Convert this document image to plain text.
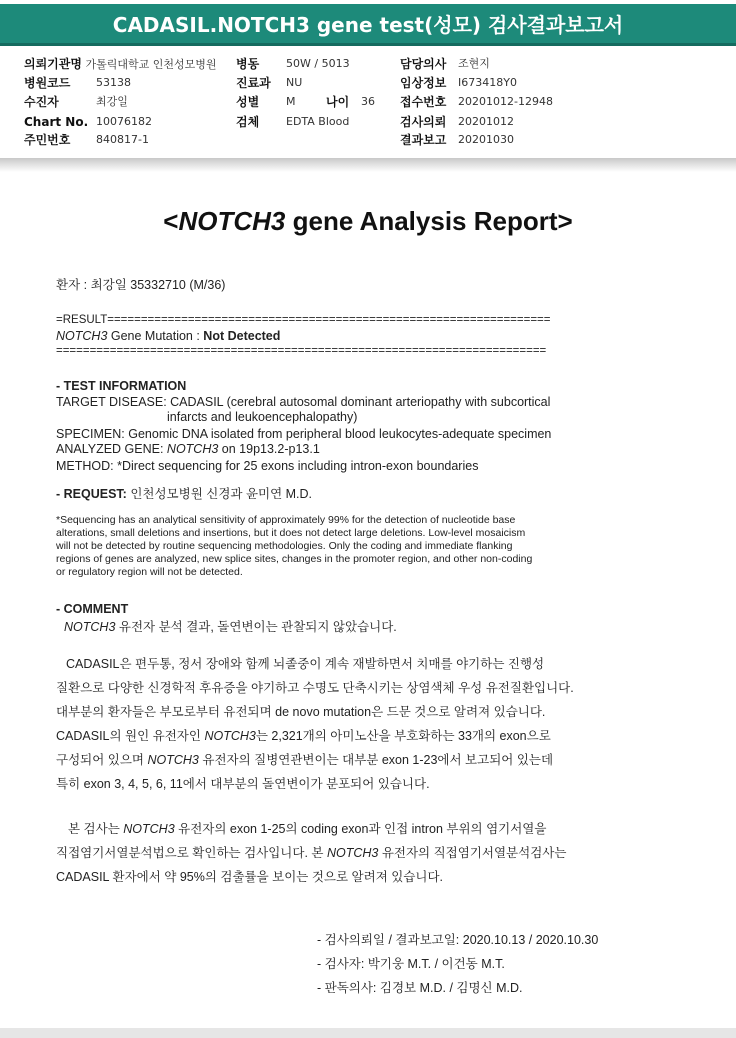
CADASIL.NOTCH3 gene test(성모) 검사결과보고서
의뢰기관명 가톨릭대학교 인천성모병원
병원코드 53138
수진자	최강일
Chart No. 10076182
주민번호 840817-1
병동 50W / 5013
진료과 NU
성별 M	나이 36
검체 EDTA Blood
담당의사 조현지
임상정보 I673418Y0
접수번호 20201012-12948
검사의뢰 20201012
결과보고 20201030
<NOTCH3 gene Analysis Report>
환자 : 최강일 35332710 (M/36)
=RESULT==================================================================
NOTCH3 Gene Mutation : Not Detected
=========================================================================
- TEST INFORMATION
TARGET DISEASE: CADASIL (cerebral autosomal dominant arteriopathy with subcortical
infarcts and leukoencephalopathy)
SPECIMEN: Genomic DNA isolated from peripheral blood leukocytes-adequate specimen
ANALYZED GENE: NOTCH3 on 19p13.2-p13.1
METHOD: *Direct sequencing for 25 exons including intron-exon boundaries
- REQUEST: 인천성모병원 신경과 윤미연 M.D.
*Sequencing has an analytical sensitivity of approximately 99% for the detection of nucleotide base
alterations, small deletions and insertions, but it does not detect large deletions. Low-level mosaicism
will not be detected by routine sequencing methodologies. Only the coding and immediate flanking
regions of genes are analyzed, new splice sites, changes in the promoter region, and other non-coding
or regulatory region will not be detected.
- COMMENT
NOTCH3 유전자 분석 결과, 돌연변이는 관찰되지 않았습니다.
CADASIL은 편두통, 정서 장애와 함께 뇌졸중이 계속 재발하면서 치매를 야기하는 진행성
질환으로 다양한 신경학적 후유증을 야기하고 수명도 단축시키는 상염색체 우성 유전질환입니다.
대부분의 환자들은 부모로부터 유전되며 de novo mutation은 드문 것으로 알려져 있습니다.
CADASIL의 원인 유전자인 NOTCH3는 2,321개의 아미노산을 부호화하는 33개의 exon으로
구성되어 있으며 NOTCH3 유전자의 질병연관변이는 대부분 exon 1-23에서 보고되어 있는데
특히 exon 3, 4, 5, 6, 11에서 대부분의 돌연변이가 분포되어 있습니다.
본 검사는 NOTCH3 유전자의 exon 1-25의 coding exon과 인접 intron 부위의 염기서열을
직접염기서열분석법으로 확인하는 검사입니다. 본 NOTCH3 유전자의 직접염기서열분석검사는
CADASIL 환자에서 약 95%의 검출률을 보이는 것으로 알려져 있습니다.
- 검사의뢰일 / 결과보고일: 2020.10.13 / 2020.10.30
- 검사자: 박기웅 M.T. / 이건동 M.T.
- 판독의사: 김경보 M.D. / 김명신 M.D.
